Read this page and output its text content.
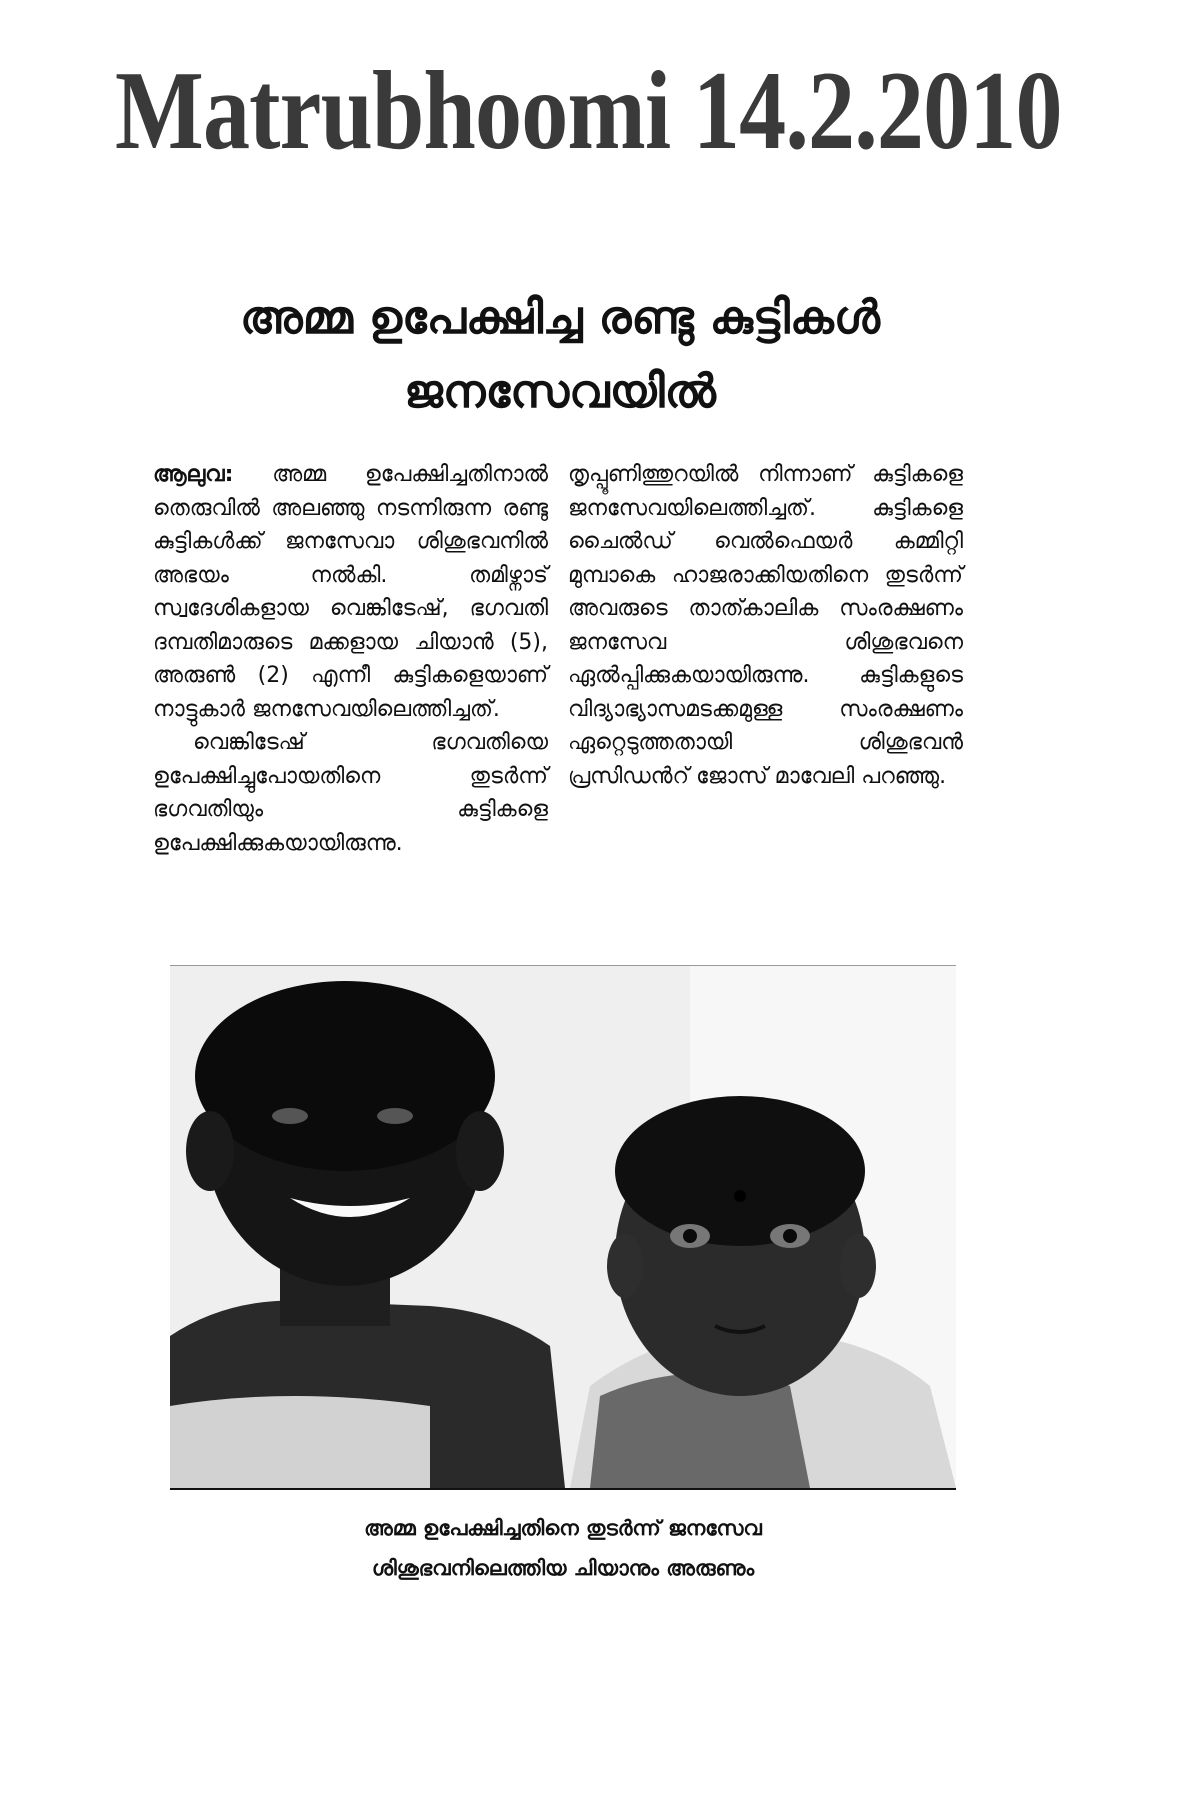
Matrubhoomi 14.2.2010
അമ്മ ഉപേക്ഷിച്ച രണ്ടു കുട്ടികൾ
ജനസേവയിൽ

ആലുവ: അമ്മ ഉപേക്ഷിച്ചതിനാൽ തെരുവിൽ അലഞ്ഞു നടന്നിരുന്ന രണ്ടു കുട്ടികൾക്ക് ജനസേവാ ശിശുഭവനിൽ അഭയം നൽകി. തമിഴ്നാട് സ്വദേശികളായ വെങ്കിടേഷ്, ഭഗവതി ദമ്പതിമാരുടെ മക്കളായ ചിയാൻ (5), അരുൺ (2) എന്നീ കുട്ടികളെയാണ് നാട്ടുകാർ ജനസേവയിലെത്തിച്ചത്.

വെങ്കിടേഷ് ഭഗവതിയെ ഉപേക്ഷിച്ചുപോയതിനെ തുടർന്ന് ഭഗവതിയും കുട്ടികളെ ഉപേക്ഷിക്കുകയായിരുന്നു.

തൃപ്പൂണിത്തുറയിൽ നിന്നാണ് കുട്ടികളെ ജനസേവയിലെത്തിച്ചത്. കുട്ടികളെ ചൈൽഡ് വെൽഫെയർ കമ്മിറ്റി മുമ്പാകെ ഹാജരാക്കിയതിനെ തുടർന്ന് അവരുടെ താത്കാലിക സംരക്ഷണം ജനസേവ ശിശുഭവനെ ഏൽപ്പിക്കുകയായിരുന്നു. കുട്ടികളുടെ വിദ്യാഭ്യാസമടക്കമുള്ള സംരക്ഷണം ഏറ്റെടുത്തതായി ശിശുഭവൻ പ്രസിഡൻറ് ജോസ് മാവേലി പറഞ്ഞു.

അമ്മ ഉപേക്ഷിച്ചതിനെ തുടർന്ന് ജനസേവ
ശിശുഭവനിലെത്തിയ ചിയാനും അരുണും
